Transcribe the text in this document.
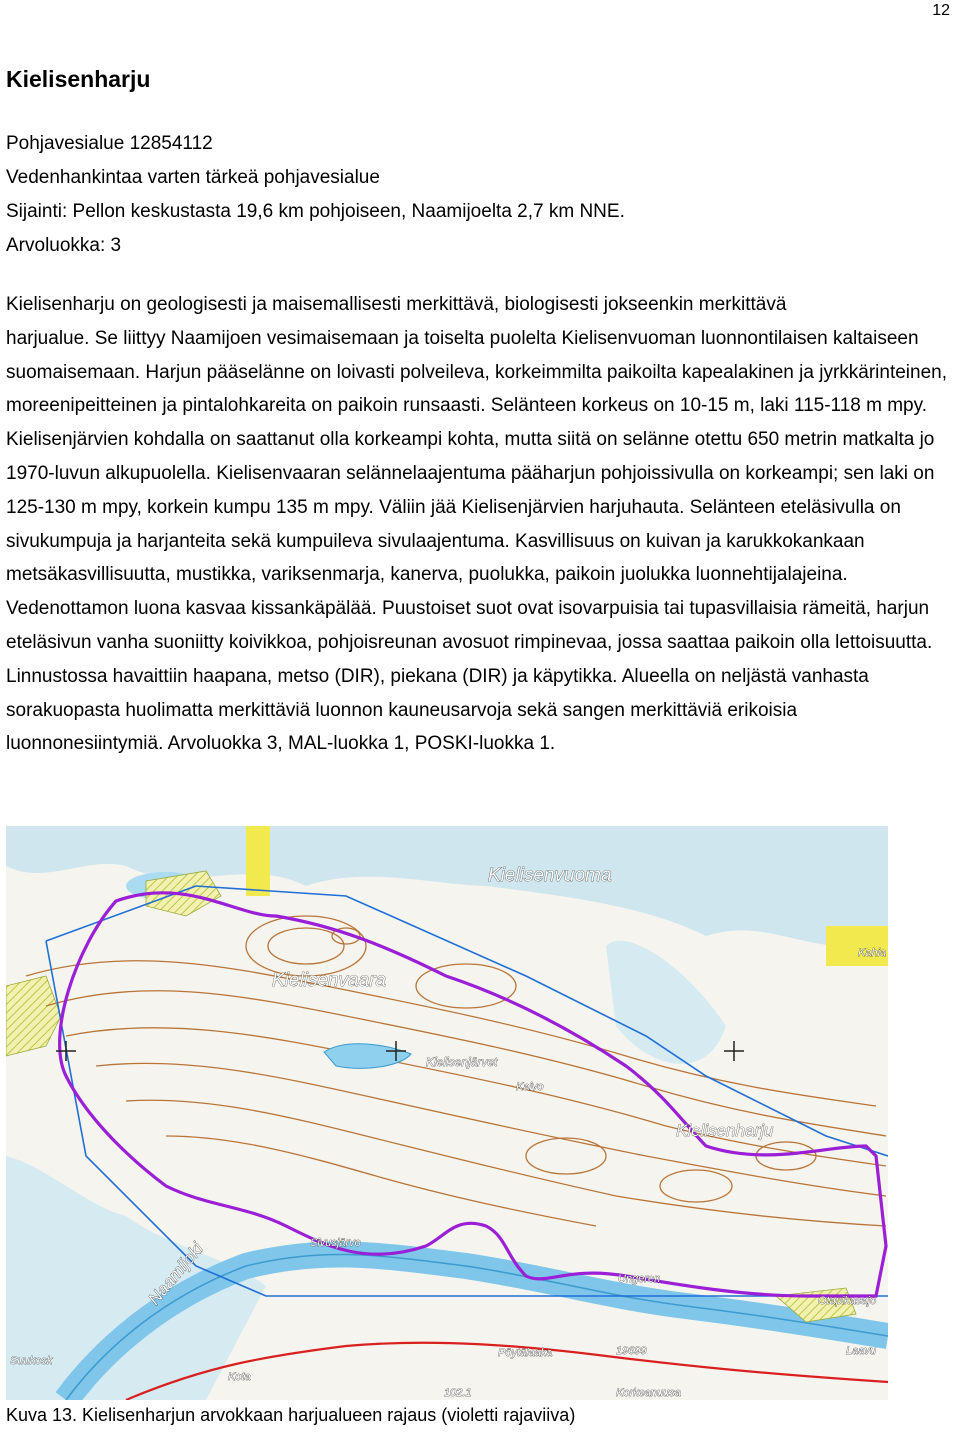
12
Kielisenharju
Pohjavesialue 12854112
Vedenhankintaa varten tärkeä pohjavesialue
Sijainti: Pellon keskustasta 19,6 km pohjoiseen, Naamijoelta 2,7 km NNE.
Arvoluokka: 3
Kielisenharju on geologisesti ja maisemallisesti merkittävä, biologisesti jokseenkin merkittävä
harjualue. Se liittyy Naamijoen vesimaisemaan ja toiselta puolelta Kielisenvuoman luonnontilaisen kaltaiseen suomaisemaan. Harjun pääselänne on loivasti polveileva, korkeimmilta paikoilta kapealakinen ja jyrkkärinteinen, moreenipeitteinen ja pintalohkareita on paikoin runsaasti. Selänteen korkeus on 10-15 m, laki 115-118 m mpy. Kielisenjärvien kohdalla on saattanut olla korkeampi kohta, mutta siitä on selänne otettu 650 metrin matkalta jo 1970-luvun alkupuolella. Kielisenvaaran selännelaajentuma pääharjun pohjoissivulla on korkeampi; sen laki on 125-130 m mpy, korkein kumpu 135 m mpy. Väliin jää Kielisenjärvien harjuhauta. Selänteen eteläsivulla on sivukumpuja ja harjanteita sekä kumpuileva sivulaajentuma. Kasvillisuus on kuivan ja karukkokankaan metsäkasvillisuutta, mustikka, variksenmarja, kanerva, puolukka, paikoin juolukka luonnehtijalajeina. Vedenottamon luona kasvaa kissankäpälää. Puustoiset suot ovat isovarpuisia tai tupasvillaisia rämeitä, harjun eteläsivun vanha suoniitty koivikkoa, pohjoisreunan avosuot rimpinevaa, jossa saattaa paikoin olla lettoisuutta. Linnustossa havaittiin haapana, metso (DIR), piekana (DIR) ja käpytikka. Alueella on neljästä vanhasta sorakuopasta huolimatta merkittäviä luonnon kauneusarvoja sekä sangen merkittäviä erikoisia luonnonesiintymiä. Arvoluokka 3, MAL-luokka 1, POSKI-luokka 1.
Kielisenvuoma
Kahia
Kielisenvaara
Kielisenjärvet
Kaivo
Kielisenharju
Sivusjärvo
Naamijoki	Ungeren
Otapikasajo
Pöytälaaka	19699	Laavu
Suukosk
Kota
102.1	Korkeanuusa
Kuva 13. Kielisenharjun arvokkaan harjualueen rajaus (violetti rajaviiva)
